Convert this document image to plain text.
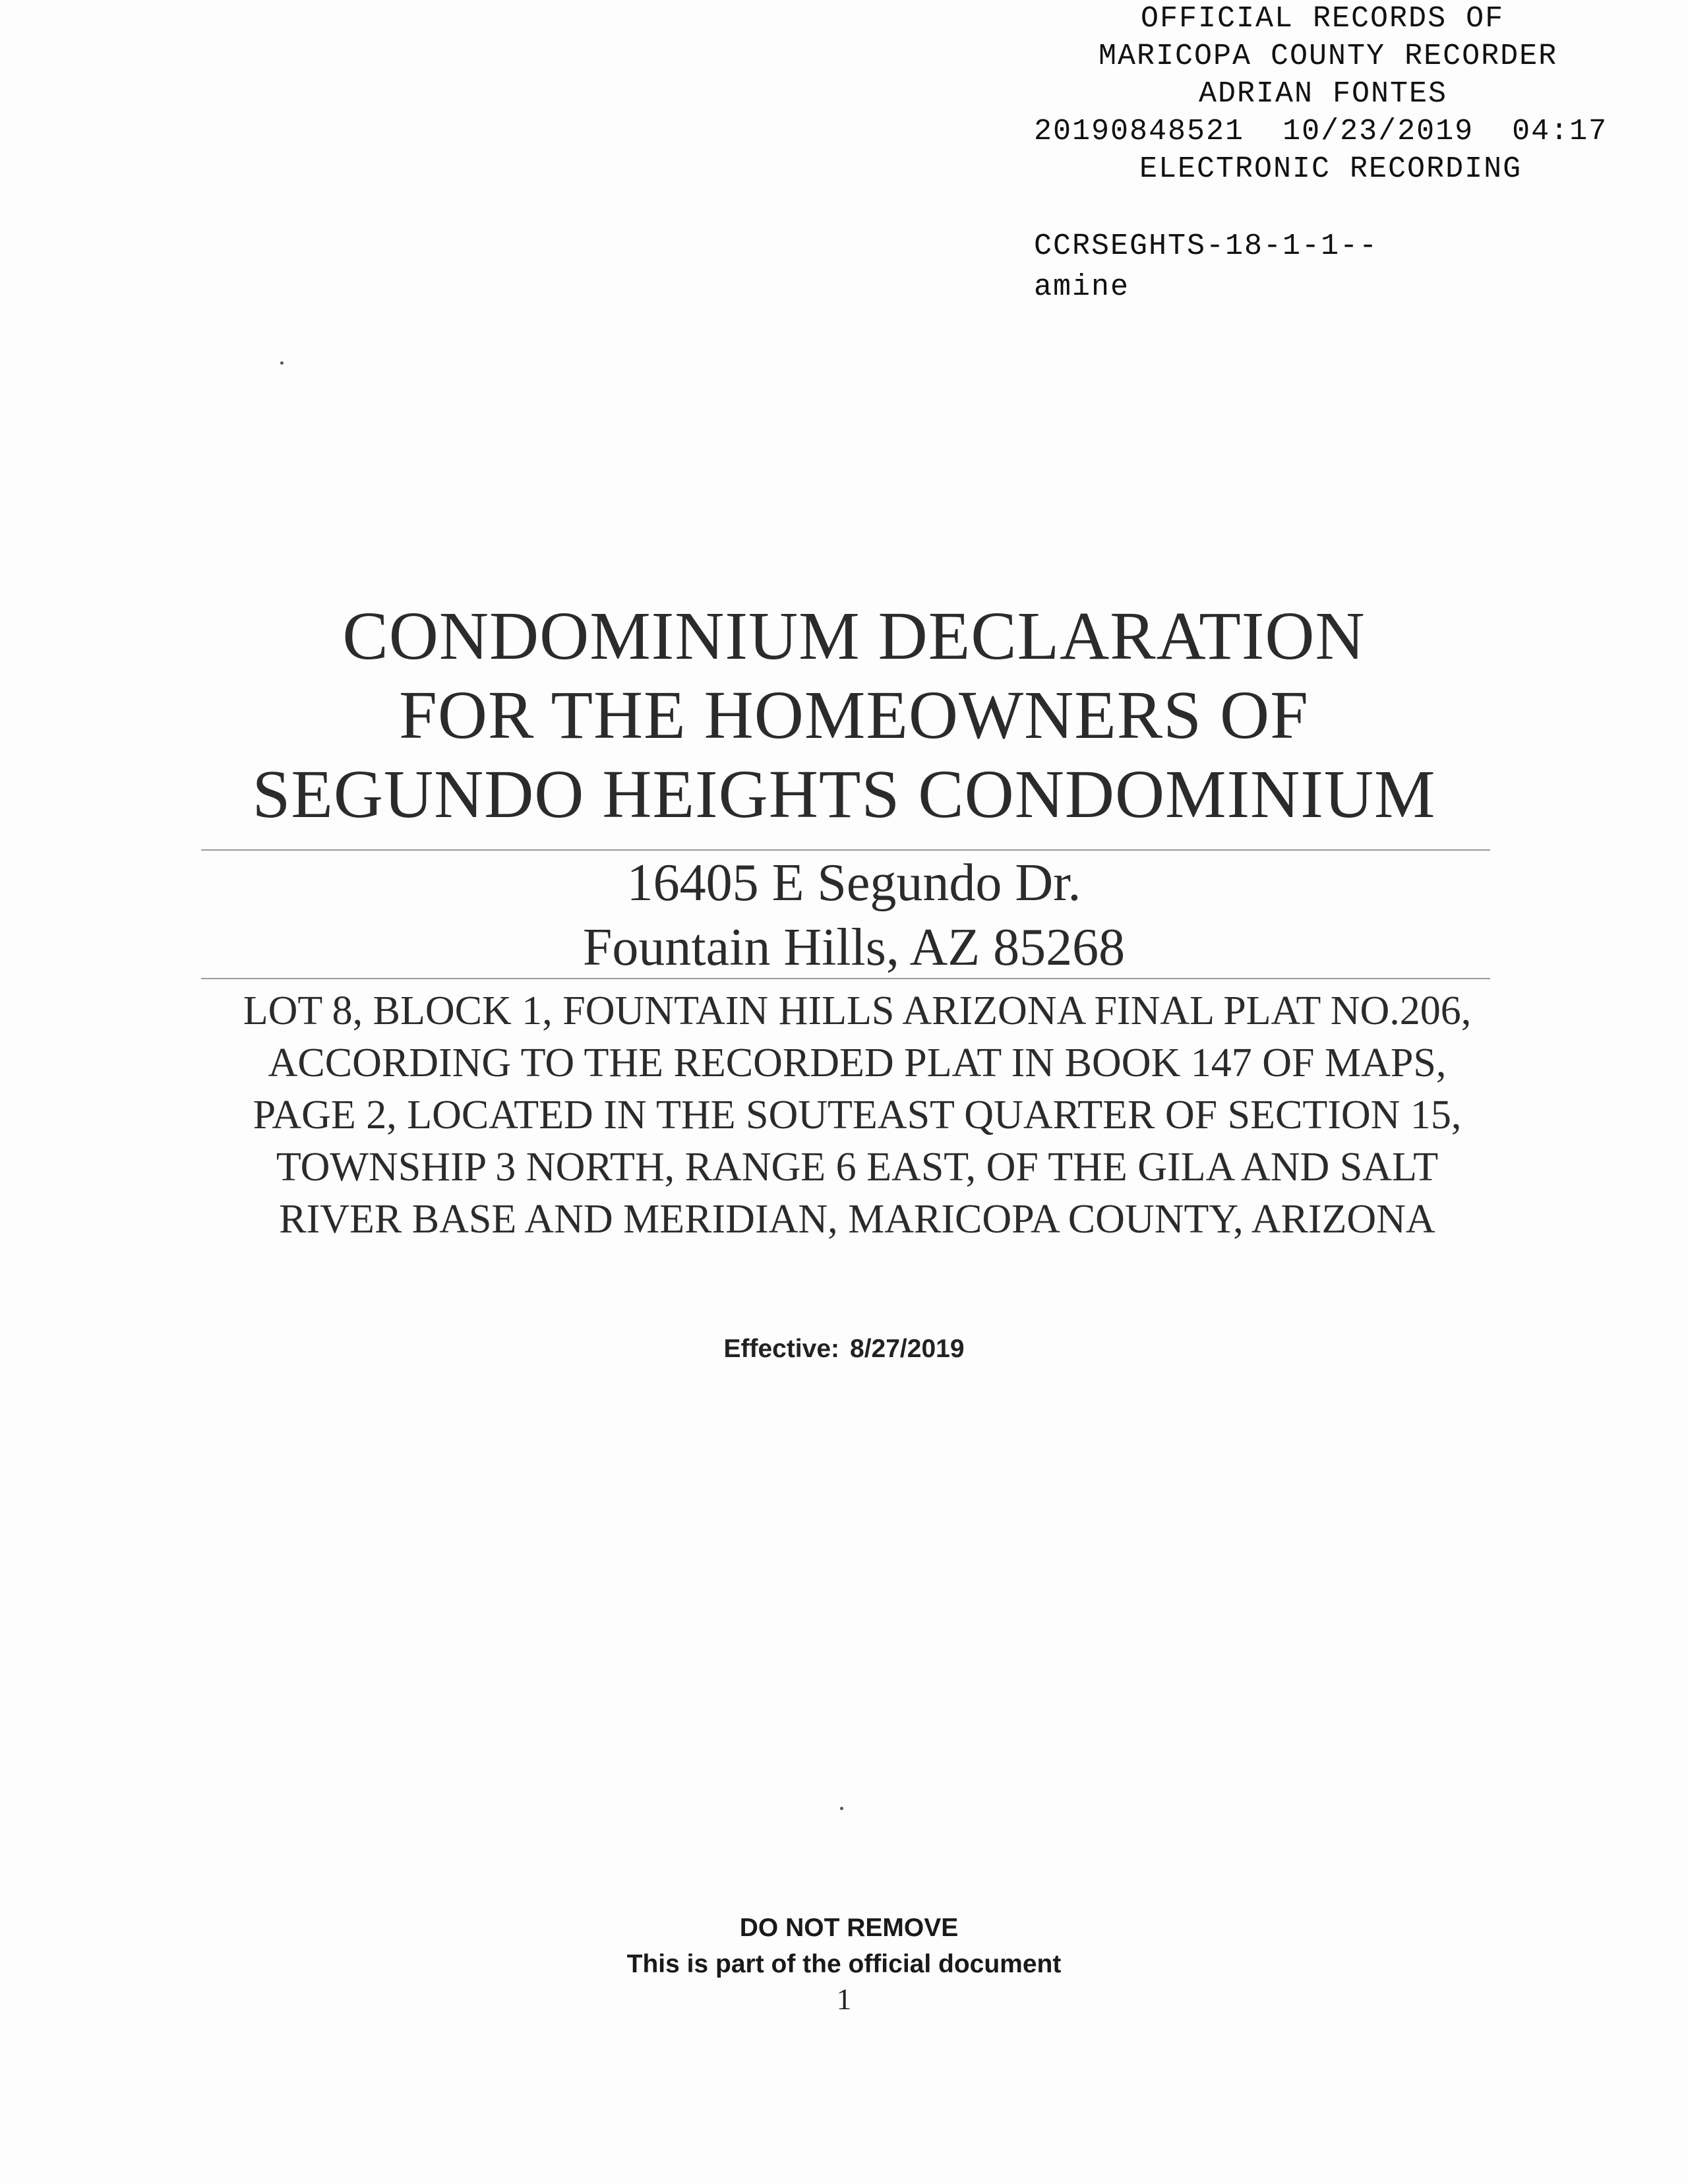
OFFICIAL RECORDS OF
MARICOPA COUNTY RECORDER
ADRIAN FONTES
20190848521 10/23/2019 04:17
ELECTRONIC RECORDING
CCRSEGHTS-18-1-1--
amine
CONDOMINIUM DECLARATION
FOR THE HOMEOWNERS OF
SEGUNDO HEIGHTS CONDOMINIUM
16405 E Segundo Dr.
Fountain Hills, AZ 85268
LOT 8, BLOCK 1, FOUNTAIN HILLS ARIZONA FINAL PLAT NO.206,
ACCORDING TO THE RECORDED PLAT IN BOOK 147 OF MAPS,
PAGE 2, LOCATED IN THE SOUTEAST QUARTER OF SECTION 15,
TOWNSHIP 3 NORTH, RANGE 6 EAST, OF THE GILA AND SALT
RIVER BASE AND MERIDIAN, MARICOPA COUNTY, ARIZONA
Effective: 8/27/2019
DO NOT REMOVE
This is part of the official document
1
